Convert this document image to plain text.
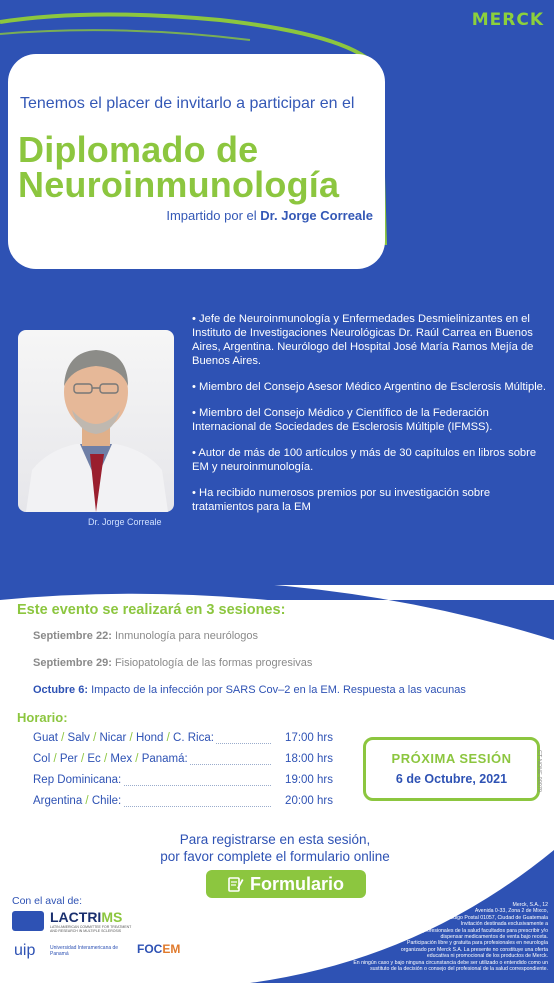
MERCK
Tenemos el placer de invitarlo a participar en el
Diplomado de
Neuroinmunología
Impartido por el Dr. Jorge Correale
Dr. Jorge Correale
• Jefe de Neuroinmunología y Enfermedades Desmielinizantes en el Instituto de Investigaciones Neurológicas Dr. Raúl Carrea en Buenos Aires, Argentina. Neurólogo del Hospital José María Ramos Mejía de Buenos Aires.
• Miembro del Consejo Asesor Médico Argentino de Esclerosis Múltiple.
• Miembro del Consejo Médico y Científico de la Federación Internacional de Sociedades de Esclerosis Múltiple (IFMSS).
• Autor de más de 100 artículos y más de 30 capítulos en libros sobre EM y neuroinmunología.
• Ha recibido numerosos premios por su investigación sobre tratamientos para la EM
Este evento se realizará en 3 sesiones:
Septiembre 22: Inmunología para neurólogos
Septiembre 29: Fisiopatología de las formas progresivas
Octubre 6: Impacto de la infección por SARS Cov–2 en la EM. Respuesta a las vacunas
Horario:
Guat / Salv / Nicar / Hond / C. Rica:	17:00 hrs
Col / Per / Ec / Mex / Panamá:	18:00 hrs
Rep Dominicana:	19:00 hrs
Argentina / Chile:	20:00 hrs
PRÓXIMA SESIÓN
6 de Octubre, 2021	CT-NONE-00079
Para registrarse en esta sesión,
por favor complete el formulario online
Formulario
Con el aval de:
LACTRIMS
LATIN AMERICAN COMMITTEE FOR TREATMENT AND RESEARCH IN MULTIPLE SCLEROSIS
uip	Universidad Interamericana de Panamá	FOCEM
Merck, S.A., 12
Avenida 0-33, Zona 2 de Mixco,
Código Postal 01057, Ciudad de Guatemala
Invitación destinada exclusivamente a
profesionales de la salud facultados para prescribir y/o
dispensar medicamentos de venta bajo receta.
Participación libre y gratuita para profesionales en neurología
organizado por Merck S.A. La presente no constituye una oferta
educativa ni promocional de los productos de Merck.
En ningún caso y bajo ninguna circunstancia debe ser utilizado o entendido como un
sustituto de la decisión o consejo del profesional de la salud correspondiente.
